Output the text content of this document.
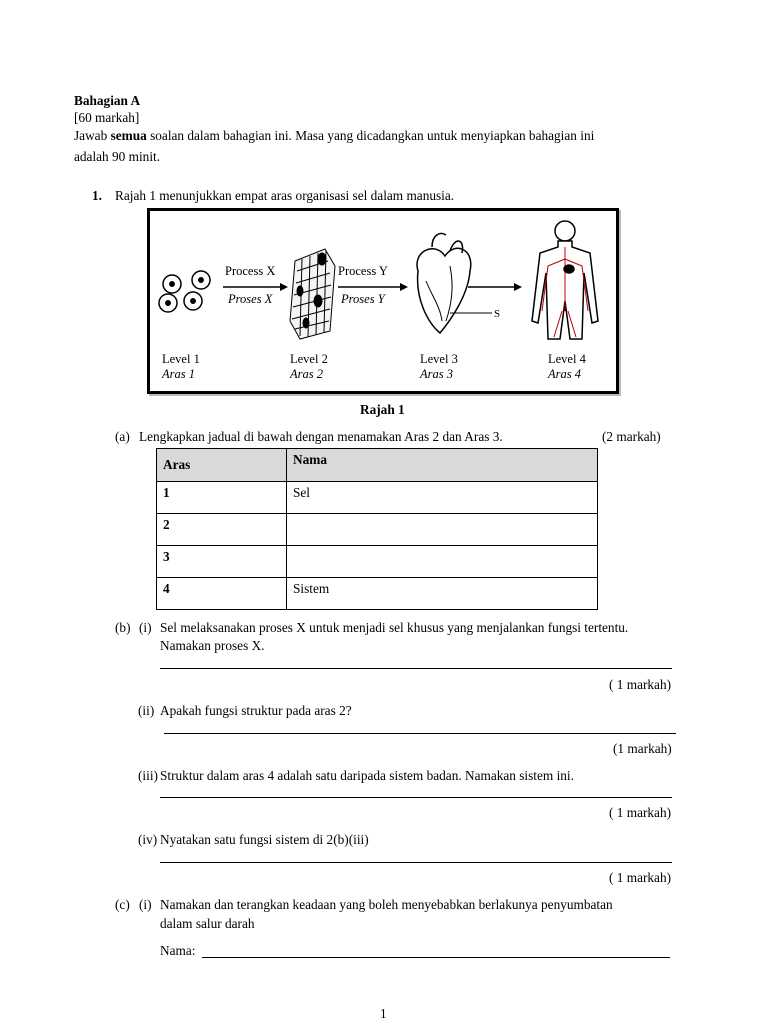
Bahagian A
[60 markah]
Jawab semua soalan dalam bahagian ini. Masa yang dicadangkan untuk menyiapkan bahagian ini
adalah 90 minit.
1. Rajah 1 menunjukkan empat aras organisasi sel dalam manusia.
Process X
Proses X
Process Y
Proses Y
S
Level 1
Aras 1
Level 2
Aras 2
Level 3
Aras 3
Level 4
Aras 4
Rajah 1
(a) Lengkapkan jadual di bawah dengan menamakan Aras 2 dan Aras 3.	(2 markah)
Aras	Nama
1	Sel
2	
3	
4	Sistem
(b) (i) Sel melaksanakan proses X untuk menjadi sel khusus yang menjalankan fungsi tertentu.
Namakan proses X.
( 1 markah)
(ii) Apakah fungsi struktur pada aras 2?
(1 markah)
(iii) Struktur dalam aras 4 adalah satu daripada sistem badan. Namakan sistem ini.
( 1 markah)
(iv) Nyatakan satu fungsi sistem di 2(b)(iii)
( 1 markah)
(c) (i) Namakan dan terangkan keadaan yang boleh menyebabkan berlakunya penyumbatan
dalam salur darah
Nama:
1
